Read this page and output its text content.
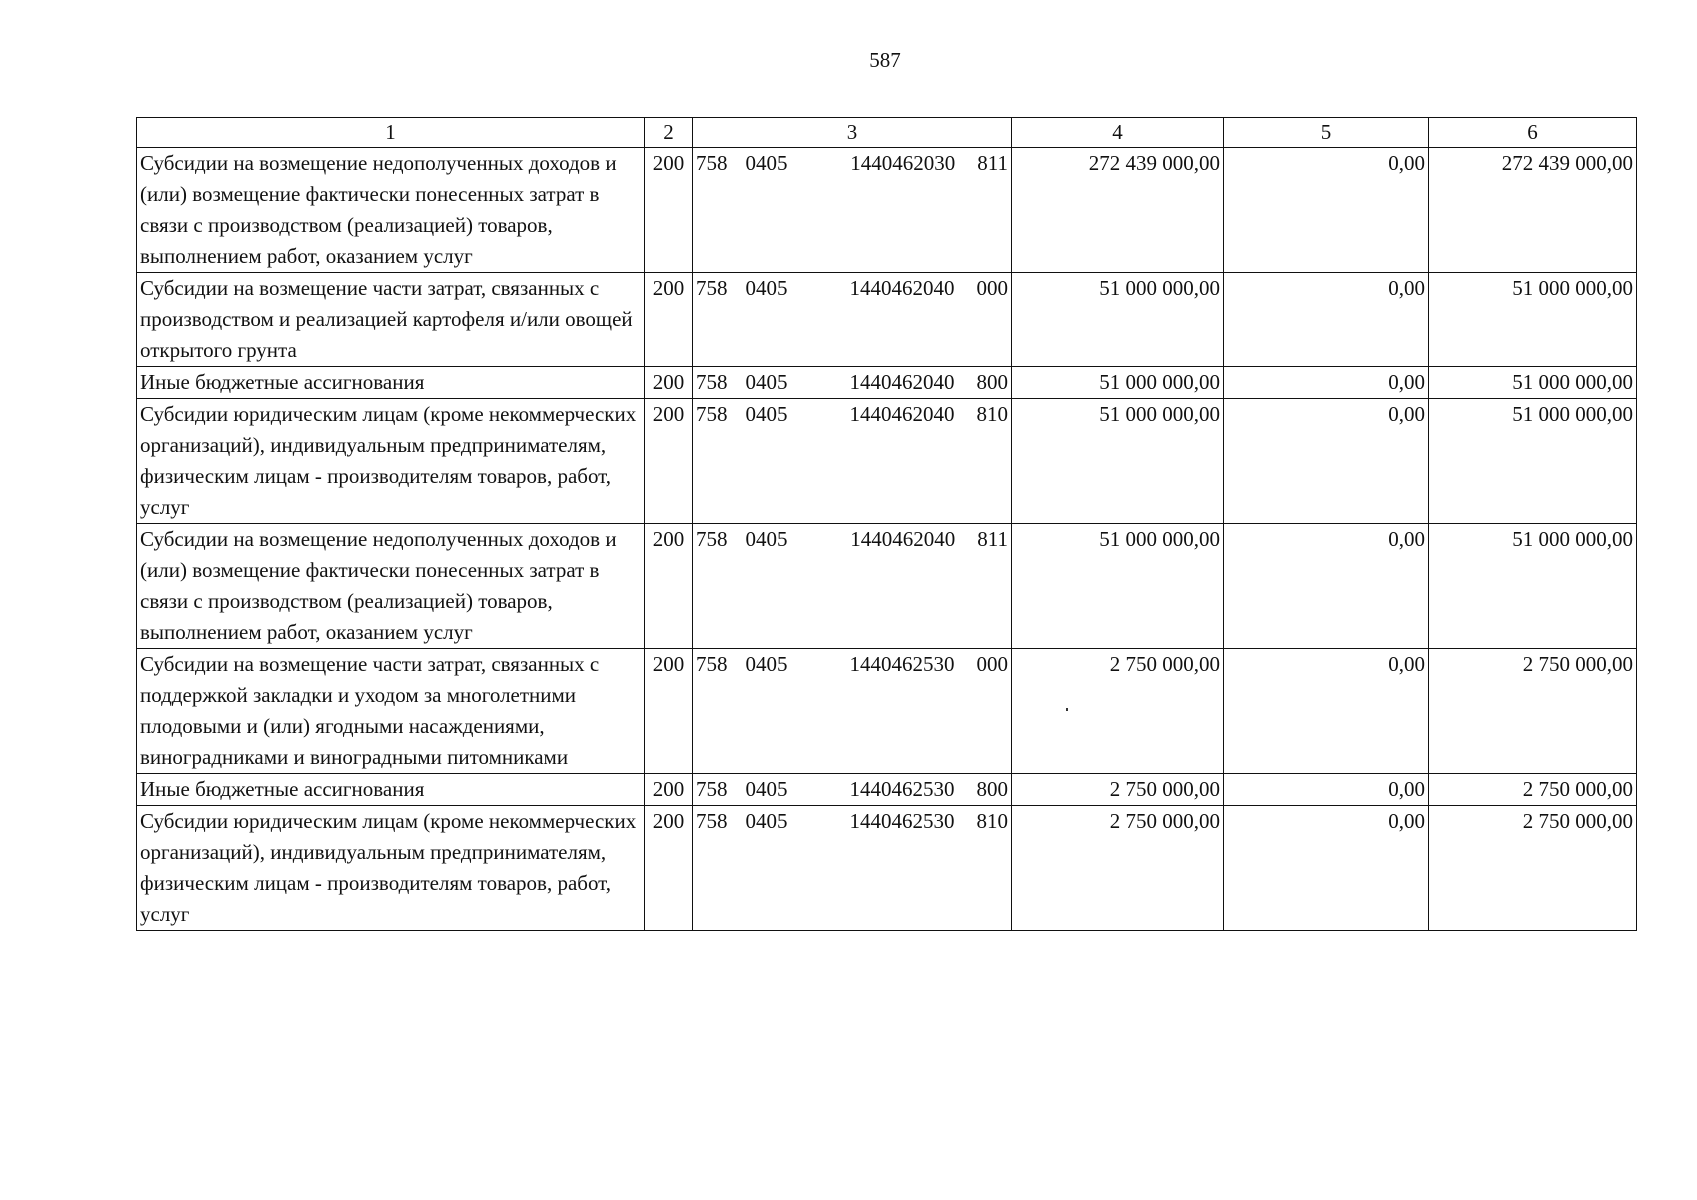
587
1	2	3	4	5	6
Субсидии на возмещение недополученных доходов и (или) возмещение фактически понесенных затрат в связи с производством (реализацией) товаров, выполнением работ, оказанием услуг	200	758 0405 1440462030 811	272 439 000,00	0,00	272 439 000,00
Субсидии на возмещение части затрат, связанных с производством и реализацией картофеля и/или овощей открытого грунта	200	758 0405 1440462040 000	51 000 000,00	0,00	51 000 000,00
Иные бюджетные ассигнования	200	758 0405 1440462040 800	51 000 000,00	0,00	51 000 000,00
Субсидии юридическим лицам (кроме некоммерческих организаций), индивидуальным предпринимателям, физическим лицам - производителям товаров, работ, услуг	200	758 0405 1440462040 810	51 000 000,00	0,00	51 000 000,00
Субсидии на возмещение недополученных доходов и (или) возмещение фактически понесенных затрат в связи с производством (реализацией) товаров, выполнением работ, оказанием услуг	200	758 0405 1440462040 811	51 000 000,00	0,00	51 000 000,00
Субсидии на возмещение части затрат, связанных с поддержкой закладки и уходом за многолетними плодовыми и (или) ягодными насаждениями, виноградниками и виноградными питомниками	200	758 0405 1440462530 000	2 750 000,00	0,00	2 750 000,00
Иные бюджетные ассигнования	200	758 0405 1440462530 800	2 750 000,00	0,00	2 750 000,00
Субсидии юридическим лицам (кроме некоммерческих организаций), индивидуальным предпринимателям, физическим лицам - производителям товаров, работ, услуг	200	758 0405 1440462530 810	2 750 000,00	0,00	2 750 000,00
